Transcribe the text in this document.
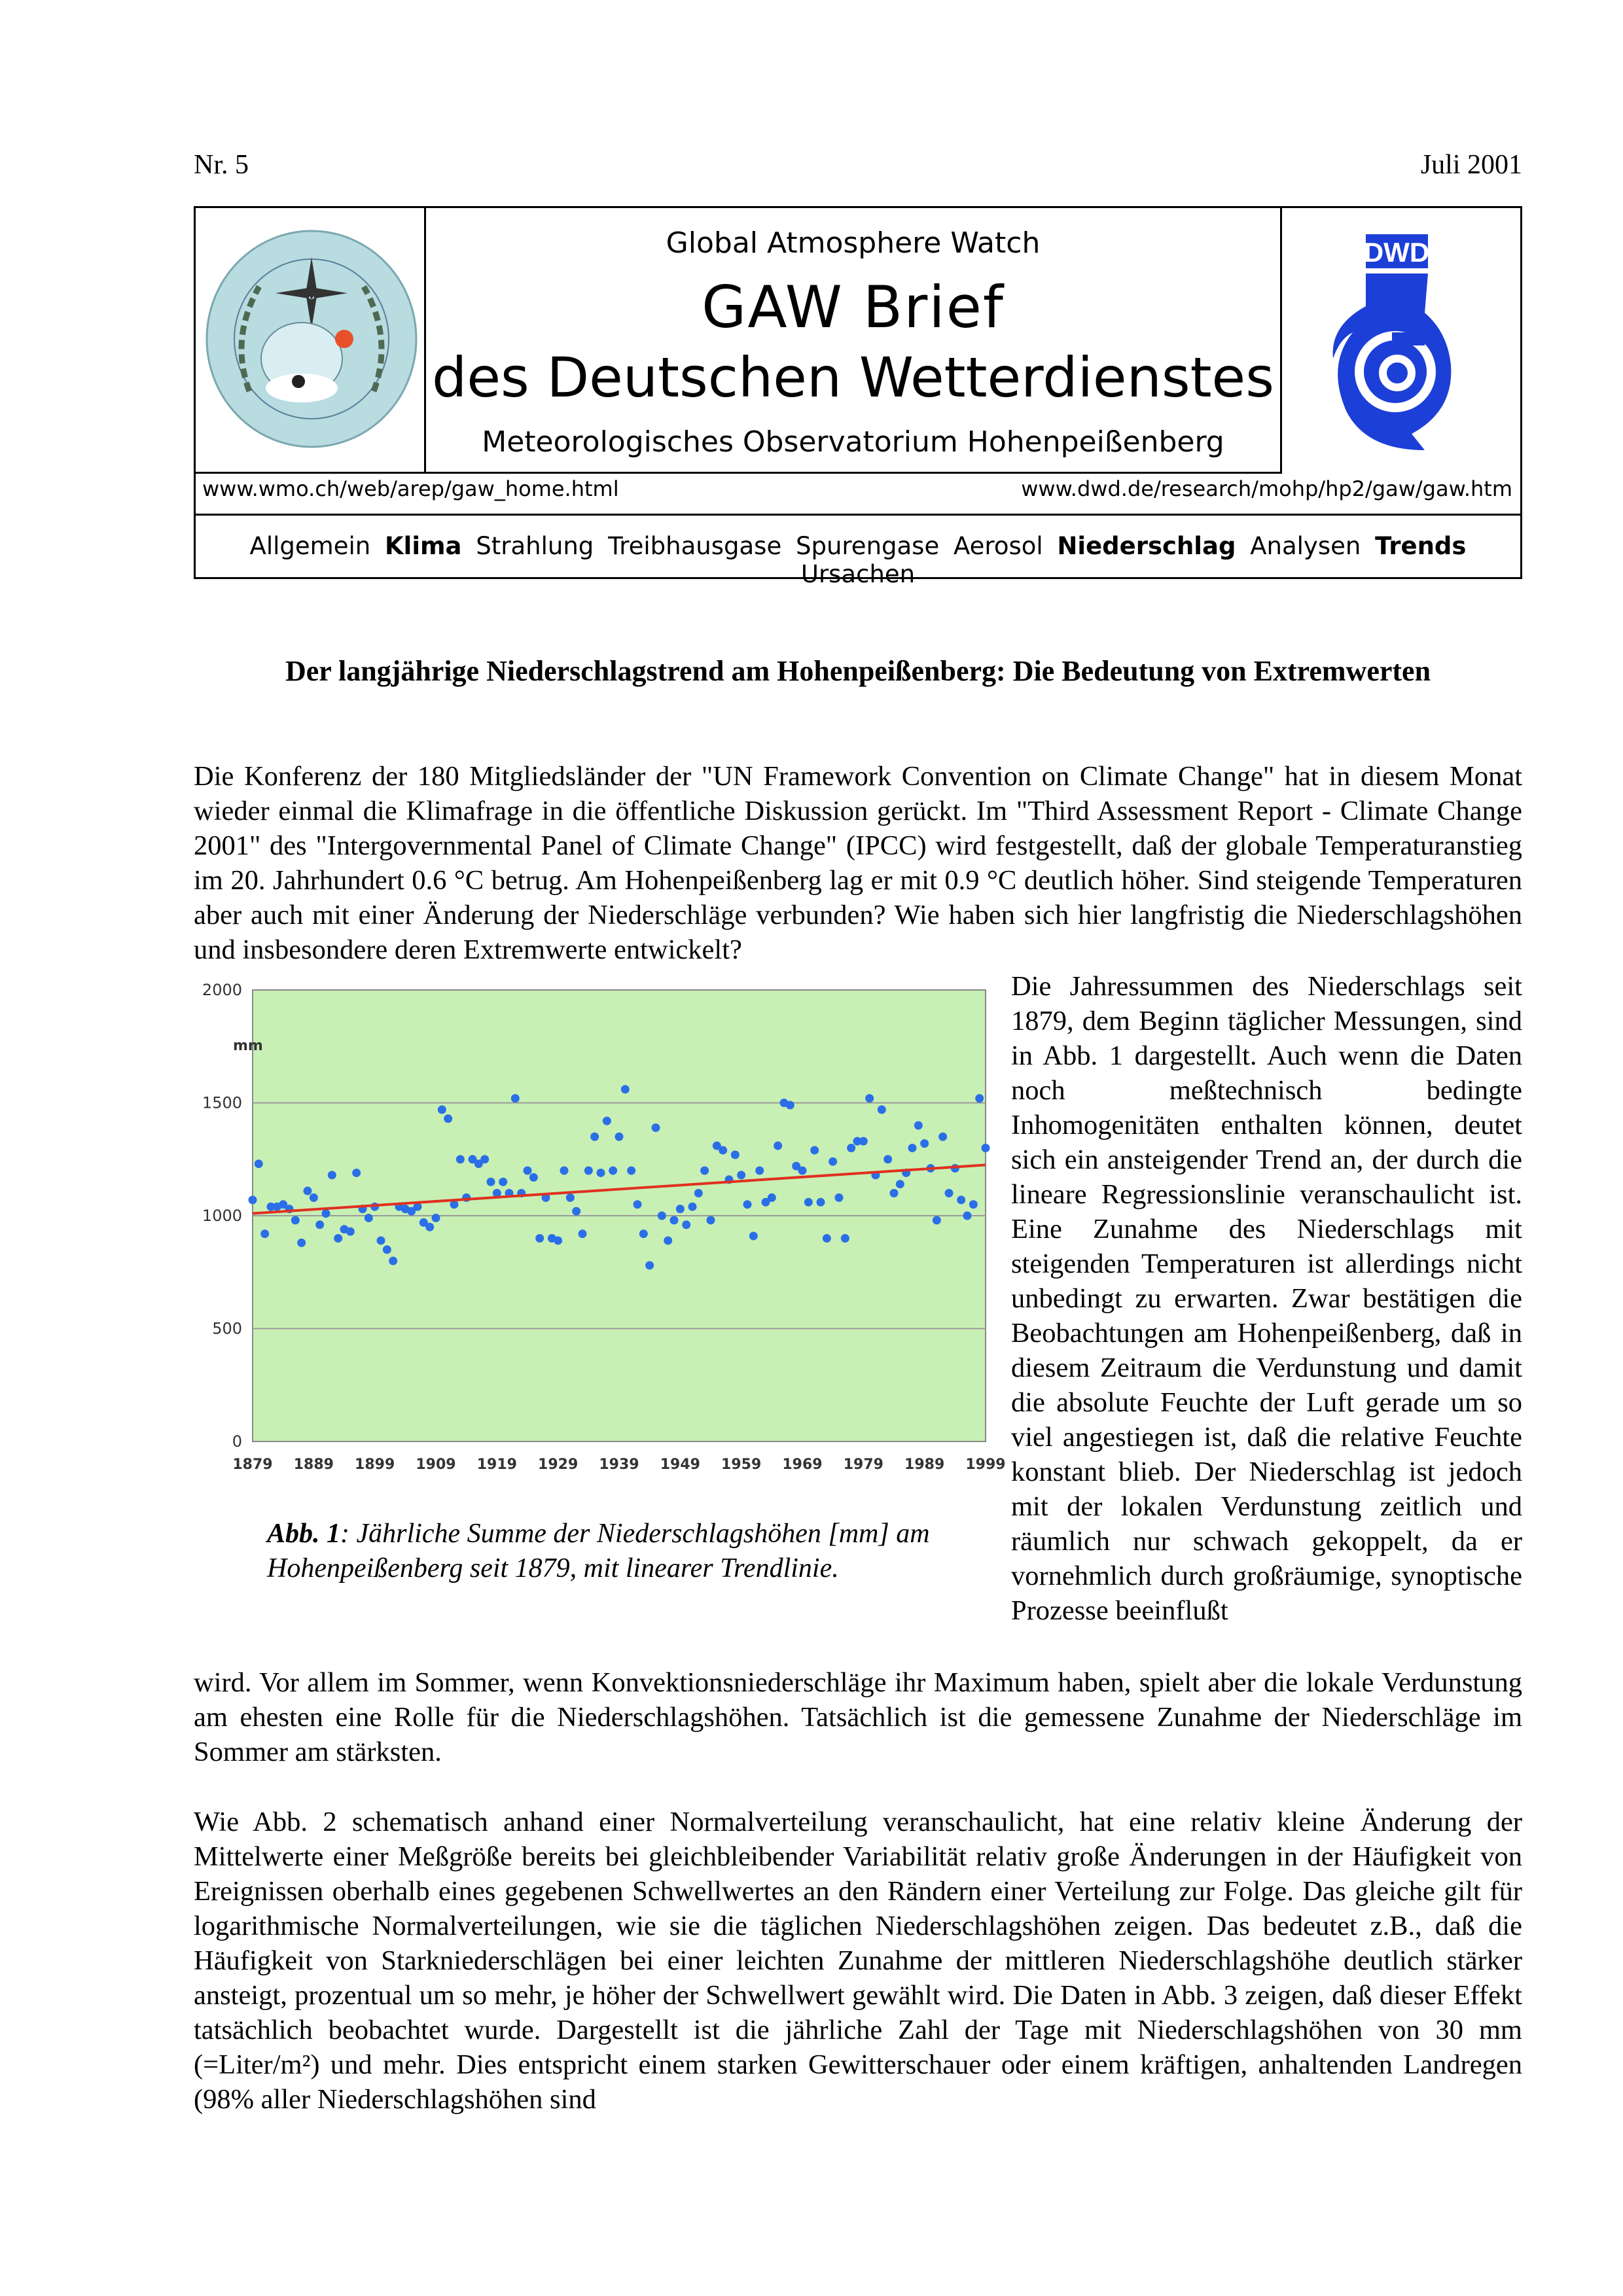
Nr. 5	Juli 2001
Global Atmosphere Watch
GAW Brief
des Deutschen Wetterdienstes
Meteorologisches Observatorium Hohenpeißenberg
DWD
www.wmo.ch/web/arep/gaw_home.html	www.dwd.de/research/mohp/hp2/gaw/gaw.htm
Allgemein Klima Strahlung Treibhausgase Spurengase Aerosol Niederschlag Analysen Trends Ursachen
Der langjährige Niederschlagstrend am Hohenpeißenberg: Die Bedeutung von Extremwerten

Die Konferenz der 180 Mitgliedsländer der "UN Framework Convention on Climate Change" hat in diesem Monat wieder einmal die Klimafrage in die öffentliche Diskussion gerückt. Im "Third Assessment Report - Climate Change 2001" des "Intergovernmental Panel of Climate Change" (IPCC) wird festgestellt, daß der globale Temperaturanstieg im 20. Jahrhundert 0.6 °C betrug. Am Hohenpeißenberg lag er mit 0.9 °C deutlich höher. Sind steigende Temperaturen aber auch mit einer Änderung der Niederschläge verbunden? Wie haben sich hier langfristig die Niederschlagshöhen und insbesondere deren Extremwerte entwickelt?

0
500
1000
1500
2000
1879 1889 1899 1909 1919 1929 1939 1949 1959 1969 1979 1989 1999
mm
Abb. 1: Jährliche Summe der Niederschlagshöhen [mm] am Hohenpeißenberg seit 1879, mit linearer Trendlinie.

Die Jahressummen des Niederschlags seit 1879, dem Beginn täglicher Messungen, sind in Abb. 1 dargestellt. Auch wenn die Daten noch meßtechnisch bedingte Inhomogenitäten enthalten können, deutet sich ein ansteigender Trend an, der durch die lineare Regressionslinie veranschaulicht ist. Eine Zunahme des Niederschlags mit steigenden Temperaturen ist allerdings nicht unbedingt zu erwarten. Zwar bestätigen die Beobachtungen am Hohenpeißenberg, daß in diesem Zeitraum die Verdunstung und damit die absolute Feuchte der Luft gerade um so viel angestiegen ist, daß die relative Feuchte konstant blieb. Der Niederschlag ist jedoch mit der lokalen Verdunstung zeitlich und räumlich nur schwach gekoppelt, da er vornehmlich durch großräumige, synoptische Prozesse beeinflußt

wird. Vor allem im Sommer, wenn Konvektionsniederschläge ihr Maximum haben, spielt aber die lokale Verdunstung am ehesten eine Rolle für die Niederschlagshöhen. Tatsächlich ist die gemessene Zunahme der Niederschläge im Sommer am stärksten.

Wie Abb. 2 schematisch anhand einer Normalverteilung veranschaulicht, hat eine relativ kleine Änderung der Mittelwerte einer Meßgröße bereits bei gleichbleibender Variabilität relativ große Änderungen in der Häufigkeit von Ereignissen oberhalb eines gegebenen Schwellwertes an den Rändern einer Verteilung zur Folge. Das gleiche gilt für logarithmische Normalverteilungen, wie sie die täglichen Niederschlagshöhen zeigen. Das bedeutet z.B., daß die Häufigkeit von Starkniederschlägen bei einer leichten Zunahme der mittleren Niederschlagshöhe deutlich stärker ansteigt, prozentual um so mehr, je höher der Schwellwert gewählt wird. Die Daten in Abb. 3 zeigen, daß dieser Effekt tatsächlich beobachtet wurde. Dargestellt ist die jährliche Zahl der Tage mit Niederschlagshöhen von 30 mm (=Liter/m²) und mehr. Dies entspricht einem starken Gewitterschauer oder einem kräftigen, anhaltenden Landregen (98% aller Niederschlagshöhen sind
